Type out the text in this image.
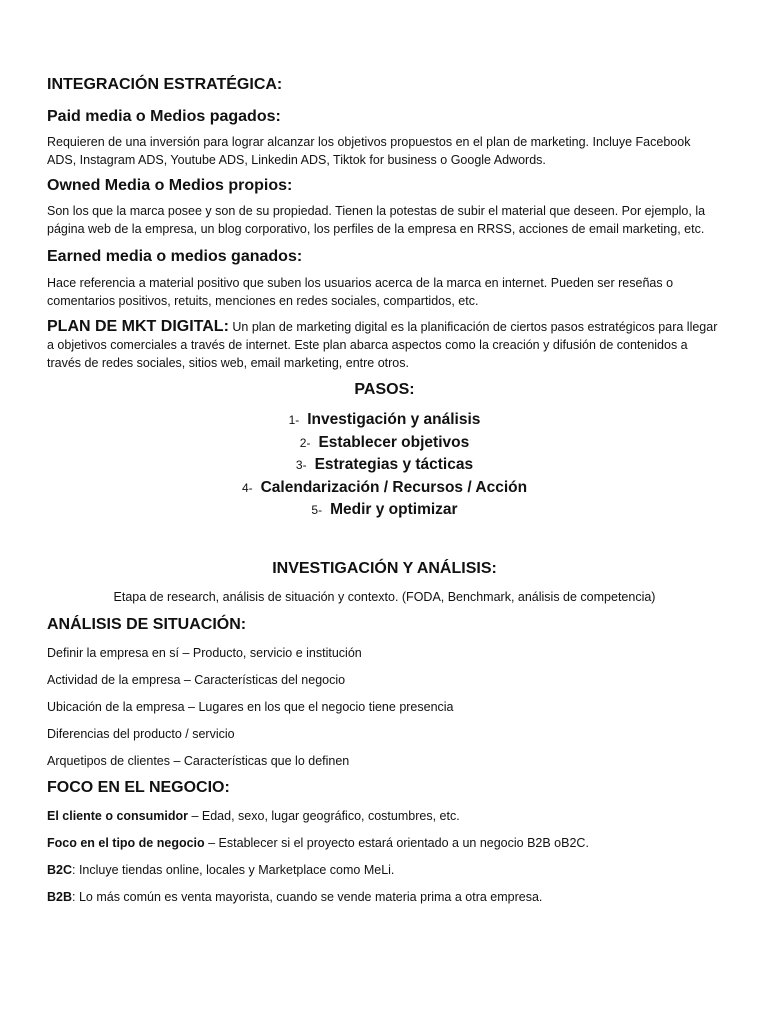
INTEGRACIÓN ESTRATÉGICA:
Paid media o Medios pagados:

Requieren de una inversión para lograr alcanzar los objetivos propuestos en el plan de marketing. Incluye Facebook ADS, Instagram ADS, Youtube ADS, Linkedin ADS, Tiktok for business o Google Adwords.

Owned Media o Medios propios:

Son los que la marca posee y son de su propiedad. Tienen la potestas de subir el material que deseen. Por ejemplo, la página web de la empresa, un blog corporativo, los perfiles de la empresa en RRSS, acciones de email marketing, etc.

Earned media o medios ganados:

Hace referencia a material positivo que suben los usuarios acerca de la marca en internet. Pueden ser reseñas o comentarios positivos, retuits, menciones en redes sociales, compartidos, etc.

PLAN DE MKT DIGITAL: Un plan de marketing digital es la planificación de ciertos pasos estratégicos para llegar a objetivos comerciales a través de internet. Este plan abarca aspectos como la creación y difusión de contenidos a través de redes sociales, sitios web, email marketing, entre otros.

PASOS:
1- Investigación y análisis
2- Establecer objetivos
3- Estrategias y tácticas
4- Calendarización / Recursos / Acción
5- Medir y optimizar
INVESTIGACIÓN Y ANÁLISIS:

Etapa de research, análisis de situación y contexto. (FODA, Benchmark, análisis de competencia)

ANÁLISIS DE SITUACIÓN:

Definir la empresa en sí – Producto, servicio e institución

Actividad de la empresa – Características del negocio

Ubicación de la empresa – Lugares en los que el negocio tiene presencia

Diferencias del producto / servicio

Arquetipos de clientes – Características que lo definen

FOCO EN EL NEGOCIO:

El cliente o consumidor – Edad, sexo, lugar geográfico, costumbres, etc.

Foco en el tipo de negocio – Establecer si el proyecto estará orientado a un negocio B2B oB2C.

B2C: Incluye tiendas online, locales y Marketplace como MeLi.

B2B: Lo más común es venta mayorista, cuando se vende materia prima a otra empresa.
